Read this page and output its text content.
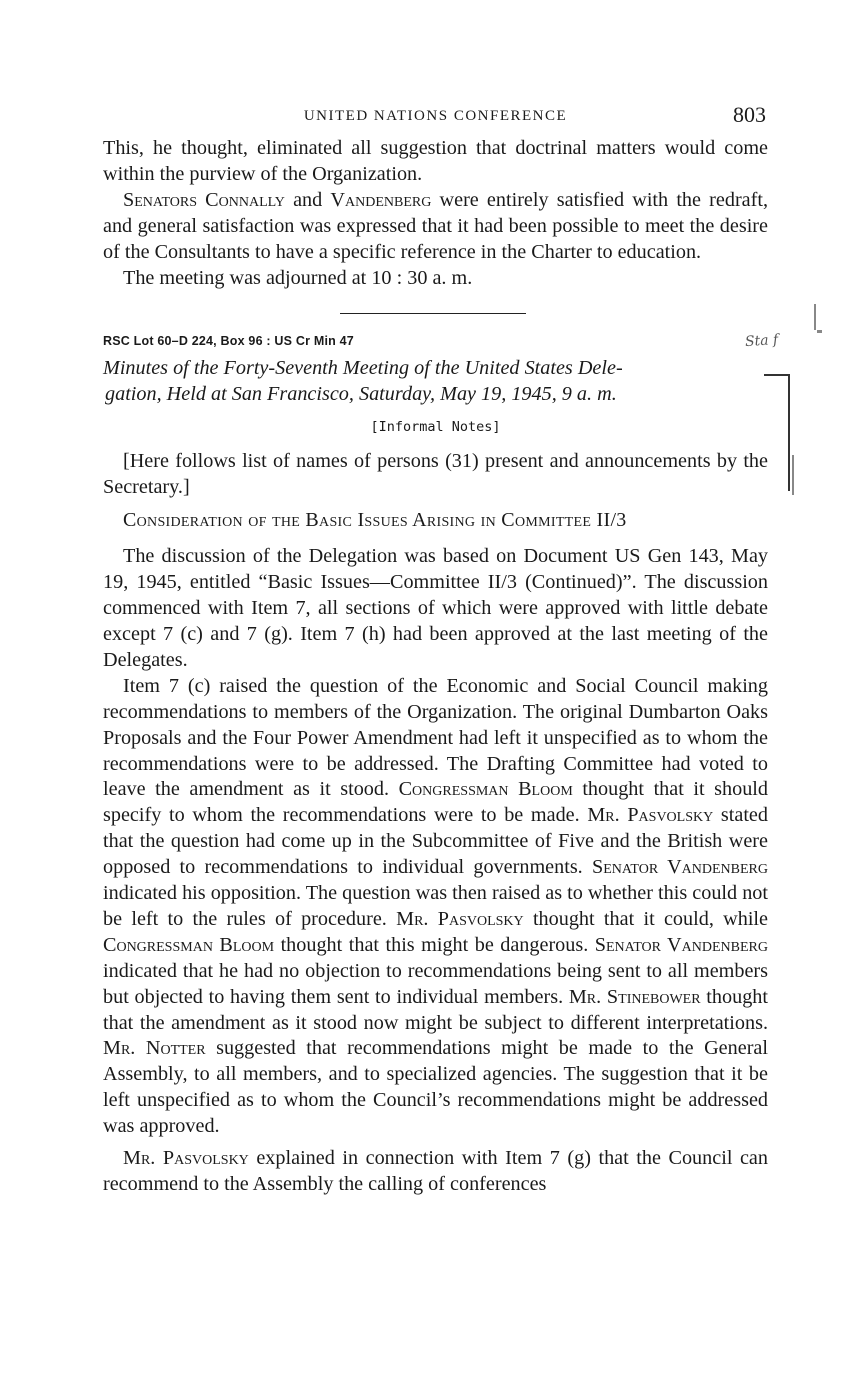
Sta f
UNITED NATIONS CONFERENCE	803

This, he thought, eliminated all suggestion that doctrinal matters would come within the purview of the Organization.

Senators Connally and Vandenberg were entirely satisfied with the redraft, and general satisfaction was expressed that it had been possible to meet the desire of the Consultants to have a specific reference in the Charter to education.

The meeting was adjourned at 10 : 30 a. m.

RSC Lot 60–D 224, Box 96 : US Cr Min 47
Minutes of the Forty-Seventh Meeting of the United States Dele-
gation, Held at San Francisco, Saturday, May 19, 1945, 9 a. m.
[Informal Notes]

[Here follows list of names of persons (31) present and announcements by the Secretary.]

Consideration of the Basic Issues Arising in Committee II/3

The discussion of the Delegation was based on Document US Gen 143, May 19, 1945, entitled “Basic Issues—Committee II/3 (Continued)”. The discussion commenced with Item 7, all sections of which were approved with little debate except 7 (c) and 7 (g). Item 7 (h) had been approved at the last meeting of the Delegates.

Item 7 (c) raised the question of the Economic and Social Council making recommendations to members of the Organization. The original Dumbarton Oaks Proposals and the Four Power Amendment had left it unspecified as to whom the recommendations were to be addressed. The Drafting Committee had voted to leave the amendment as it stood. Congressman Bloom thought that it should specify to whom the recommendations were to be made. Mr. Pasvolsky stated that the question had come up in the Subcommittee of Five and the British were opposed to recommendations to individual governments. Senator Vandenberg indicated his opposition. The question was then raised as to whether this could not be left to the rules of procedure. Mr. Pasvolsky thought that it could, while Congressman Bloom thought that this might be dangerous. Senator Vandenberg indicated that he had no objection to recommendations being sent to all members but objected to having them sent to individual members. Mr. Stinebower thought that the amendment as it stood now might be subject to different interpretations. Mr. Notter suggested that recommendations might be made to the General Assembly, to all members, and to specialized agencies. The suggestion that it be left unspecified as to whom the Council’s recommendations might be addressed was approved.

Mr. Pasvolsky explained in connection with Item 7 (g) that the Council can recommend to the Assembly the calling of conferences
